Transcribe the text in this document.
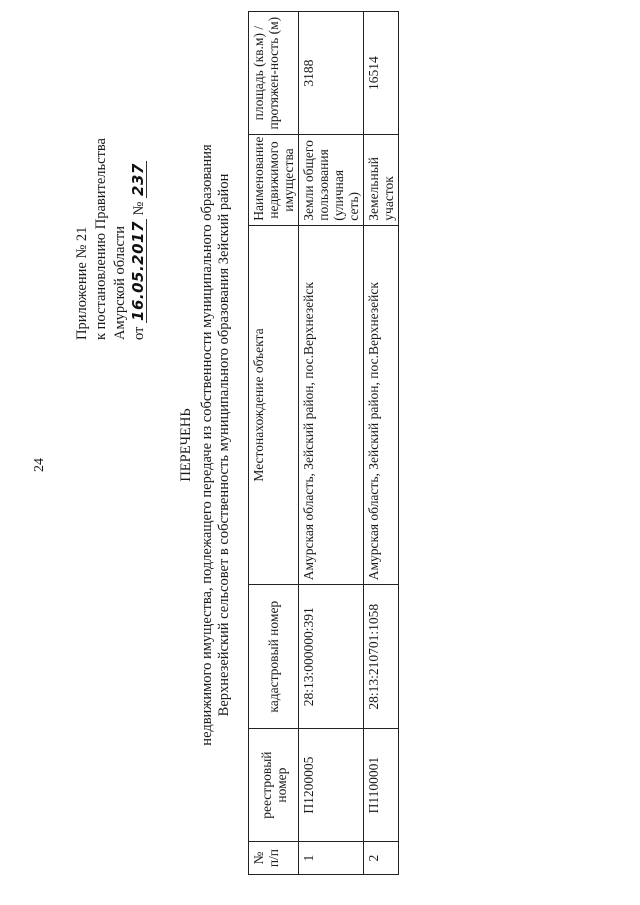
24
Приложение № 21 к постановлению Правительства Амурской области от 16.05.2017 № 237
ПЕРЕЧЕНЬ недвижимого имущества, подлежащего передаче из собственности муниципального образования Верхнезейский сельсовет в собственность муниципального образования Зейский район
№ п/п	реестровый номер	кадастровый номер	Местонахождение объекта	Наименование недвижимого имущества	площадь (кв.м) / протяжен-ность (м)

1	П1200005	28:13:000000:391	Амурская область, Зейский район, пос.Верхнезейск	Земли общего пользования (уличная сеть)	3188
2	П1100001	28:13:210701:1058	Амурская область, Зейский район, пос.Верхнезейск	Земельный участок	16514
